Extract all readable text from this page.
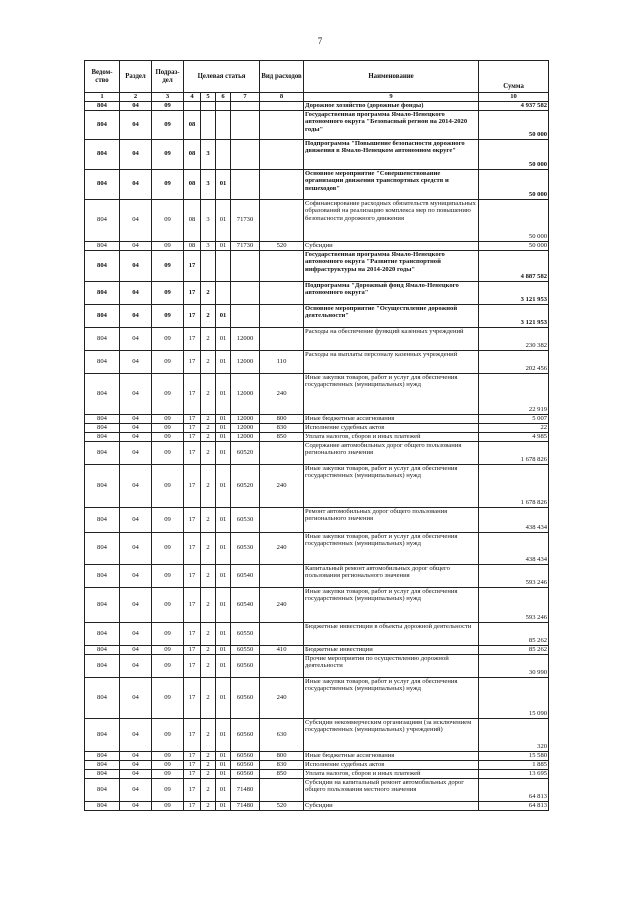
7
Ведом-ство	Раздел	Подраз-дел	Целевая статья				Вид расходов	Наименование	Сумма
1	2	3	4	5	6	7	8	9	10
804	04	09						Дорожное хозяйство (дорожные фонды)	4 937 582
804	04	09	08					Государственная программа Ямало-Ненецкого автономного округа "Безопасный регион на 2014-2020 годы"	50 000
804	04	09	08	3				Подпрограмма "Повышение безопасности дорожного движения в Ямало-Ненецком автономном округе"	50 000
804	04	09	08	3	01			Основное мероприятие "Совершенствование организации движения транспортных средств и пешеходов"	50 000
804	04	09	08	3	01	71730		Софинансирование расходных обязательств муниципальных образований на реализацию комплекса мер по повышению безопасности дорожного движения	50 000
804	04	09	08	3	01	71730	520	Субсидии	50 000
804	04	09	17					Государственная программа Ямало-Ненецкого автономного округа "Развитие транспортной инфраструктуры на 2014-2020 годы"	4 887 582
804	04	09	17	2				Подпрограмма "Дорожный фонд Ямало-Ненецкого автономного округа"	3 121 953
804	04	09	17	2	01			Основное мероприятие "Осуществление дорожной деятельности"	3 121 953
804	04	09	17	2	01	12000		Расходы на обеспечение функций казенных учреждений	230 382
804	04	09	17	2	01	12000	110	Расходы на выплаты персоналу казенных учреждений	202 456
804	04	09	17	2	01	12000	240	Иные закупки товаров, работ и услуг для обеспечения государственных (муниципальных) нужд	22 919
804	04	09	17	2	01	12000	800	Иные бюджетные ассигнования	5 007
804	04	09	17	2	01	12000	830	Исполнение судебных актов	22
804	04	09	17	2	01	12000	850	Уплата налогов, сборов и иных платежей	4 985
804	04	09	17	2	01	60520		Содержание автомобильных дорог общего пользования регионального значения	1 678 826
804	04	09	17	2	01	60520	240	Иные закупки товаров, работ и услуг для обеспечения государственных (муниципальных) нужд	1 678 826
804	04	09	17	2	01	60530		Ремонт автомобильных дорог общего пользования регионального значения	438 434
804	04	09	17	2	01	60530	240	Иные закупки товаров, работ и услуг для обеспечения государственных (муниципальных) нужд	438 434
804	04	09	17	2	01	60540		Капитальный ремонт автомобильных дорог общего пользования регионального значения	593 246
804	04	09	17	2	01	60540	240	Иные закупки товаров, работ и услуг для обеспечения государственных (муниципальных) нужд	593 246
804	04	09	17	2	01	60550		Бюджетные инвестиции в объекты дорожной деятельности	85 262
804	04	09	17	2	01	60550	410	Бюджетные инвестиции	85 262
804	04	09	17	2	01	60560		Прочие мероприятия по осуществлению дорожной деятельности	30 990
804	04	09	17	2	01	60560	240	Иные закупки товаров, работ и услуг для обеспечения государственных (муниципальных) нужд	15 090
804	04	09	17	2	01	60560	630	Субсидии некоммерческим организациям (за исключением государственных (муниципальных) учреждений)	320
804	04	09	17	2	01	60560	800	Иные бюджетные ассигнования	15 580
804	04	09	17	2	01	60560	830	Исполнение судебных актов	1 885
804	04	09	17	2	01	60560	850	Уплата налогов, сборов и иных платежей	13 695
804	04	09	17	2	01	71480		Субсидии на капитальный ремонт автомобильных дорог общего пользования местного значения	64 813
804	04	09	17	2	01	71480	520	Субсидии	64 813
